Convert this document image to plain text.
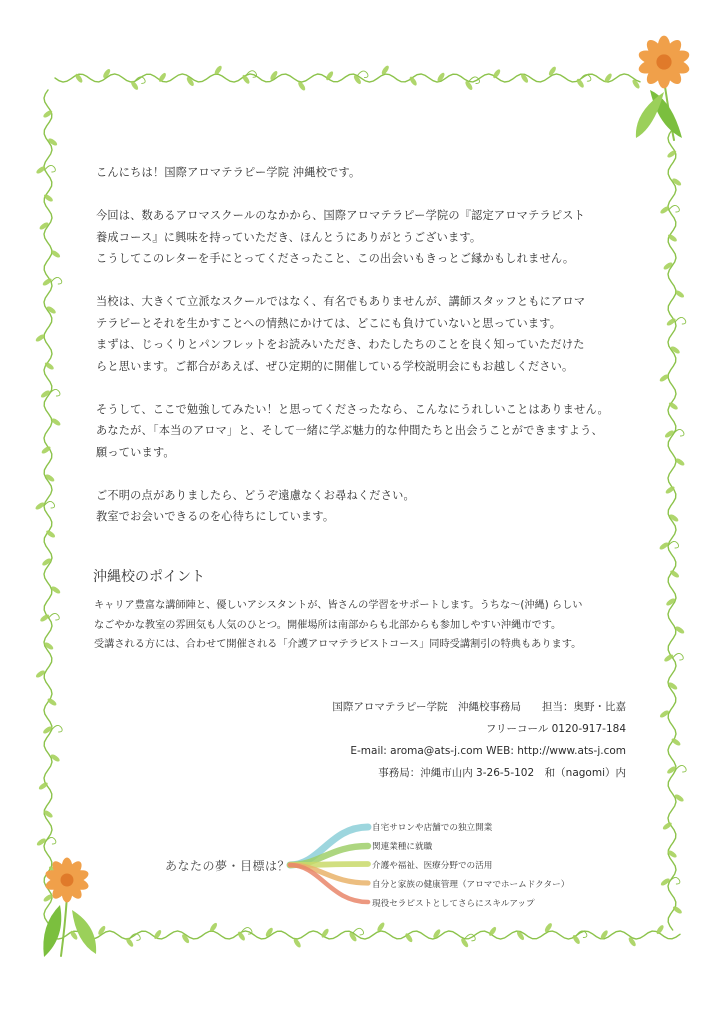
こんにちは！国際アロマテラピー学院 沖縄校です。

今回は、数あるアロマスクールのなかから、国際アロマテラピー学院の『認定アロマテラピスト
養成コース』に興味を持っていただき、ほんとうにありがとうございます。
こうしてこのレターを手にとってくださったこと、この出会いもきっとご縁かもしれません。

当校は、大きくて立派なスクールではなく、有名でもありませんが、講師スタッフともにアロマ
テラピーとそれを生かすことへの情熱にかけては、どこにも負けていないと思っています。
まずは、じっくりとパンフレットをお読みいただき、わたしたちのことを良く知っていただけた
らと思います。ご都合があえば、ぜひ定期的に開催している学校説明会にもお越しください。

そうして、ここで勉強してみたい！と思ってくださったなら、こんなにうれしいことはありません。
あなたが、「本当のアロマ」と、そして一緒に学ぶ魅力的な仲間たちと出会うことができますよう、
願っています。

ご不明の点がありましたら、どうぞ遠慮なくお尋ねください。
教室でお会いできるのを心待ちにしています。

沖縄校のポイント

キャリア豊富な講師陣と、優しいアシスタントが、皆さんの学習をサポートします。うちな〜(沖縄) らしい
なごやかな教室の雰囲気も人気のひとつ。開催場所は南部からも北部からも参加しやすい沖縄市です。
受講される方には、合わせて開催される「介護アロマテラピストコース」同時受講割引の特典もあります。

国際アロマテラピー学院　沖縄校事務局　　担当：奥野・比嘉
フリーコール 0120-917-184
E-mail: aroma@ats-j.com WEB: http://www.ats-j.com
事務局：沖縄市山内 3-26-5-102　和（nagomi）内
あなたの夢・目標は？
自宅サロンや店舗での独立開業
関連業種に就職
介護や福祉、医療分野での活用
自分と家族の健康管理（アロマでホームドクター）
現役セラピストとしてさらにスキルアップ
